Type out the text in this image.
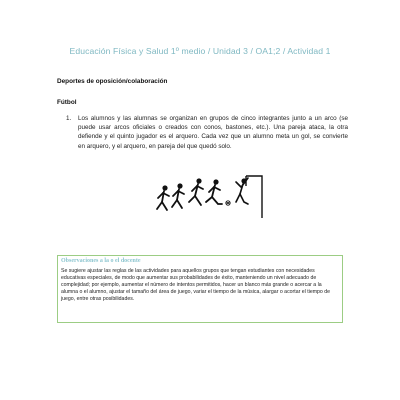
Educación Física y Salud 1º medio / Unidad 3 / OA1;2 / Actividad 1
Deportes de oposición/colaboración
Fútbol
1.	Los alumnos y las alumnas se organizan en grupos de cinco integrantes junto a un arco (se puede usar arcos oficiales o creados con conos, bastones, etc.). Una pareja ataca, la otra defiende y el quinto jugador es el arquero. Cada vez que un alumno meta un gol, se convierte en arquero, y el arquero, en pareja del que quedó solo.
Observaciones a la o el docente
Se sugiere ajustar las reglas de las actividades para aquellos grupos que tengan estudiantes con necesidades educativas especiales, de modo que aumentar sus probabilidades de éxito, manteniendo un nivel adecuado de complejidad; por ejemplo, aumentar el número de intentos permitidos, hacer un blanco más grande o acercar a la alumna o el alumno, ajustar el tamaño del área de juego, variar el tiempo de la música, alargar o acortar el tiempo de juego, entre otras posibilidades.
